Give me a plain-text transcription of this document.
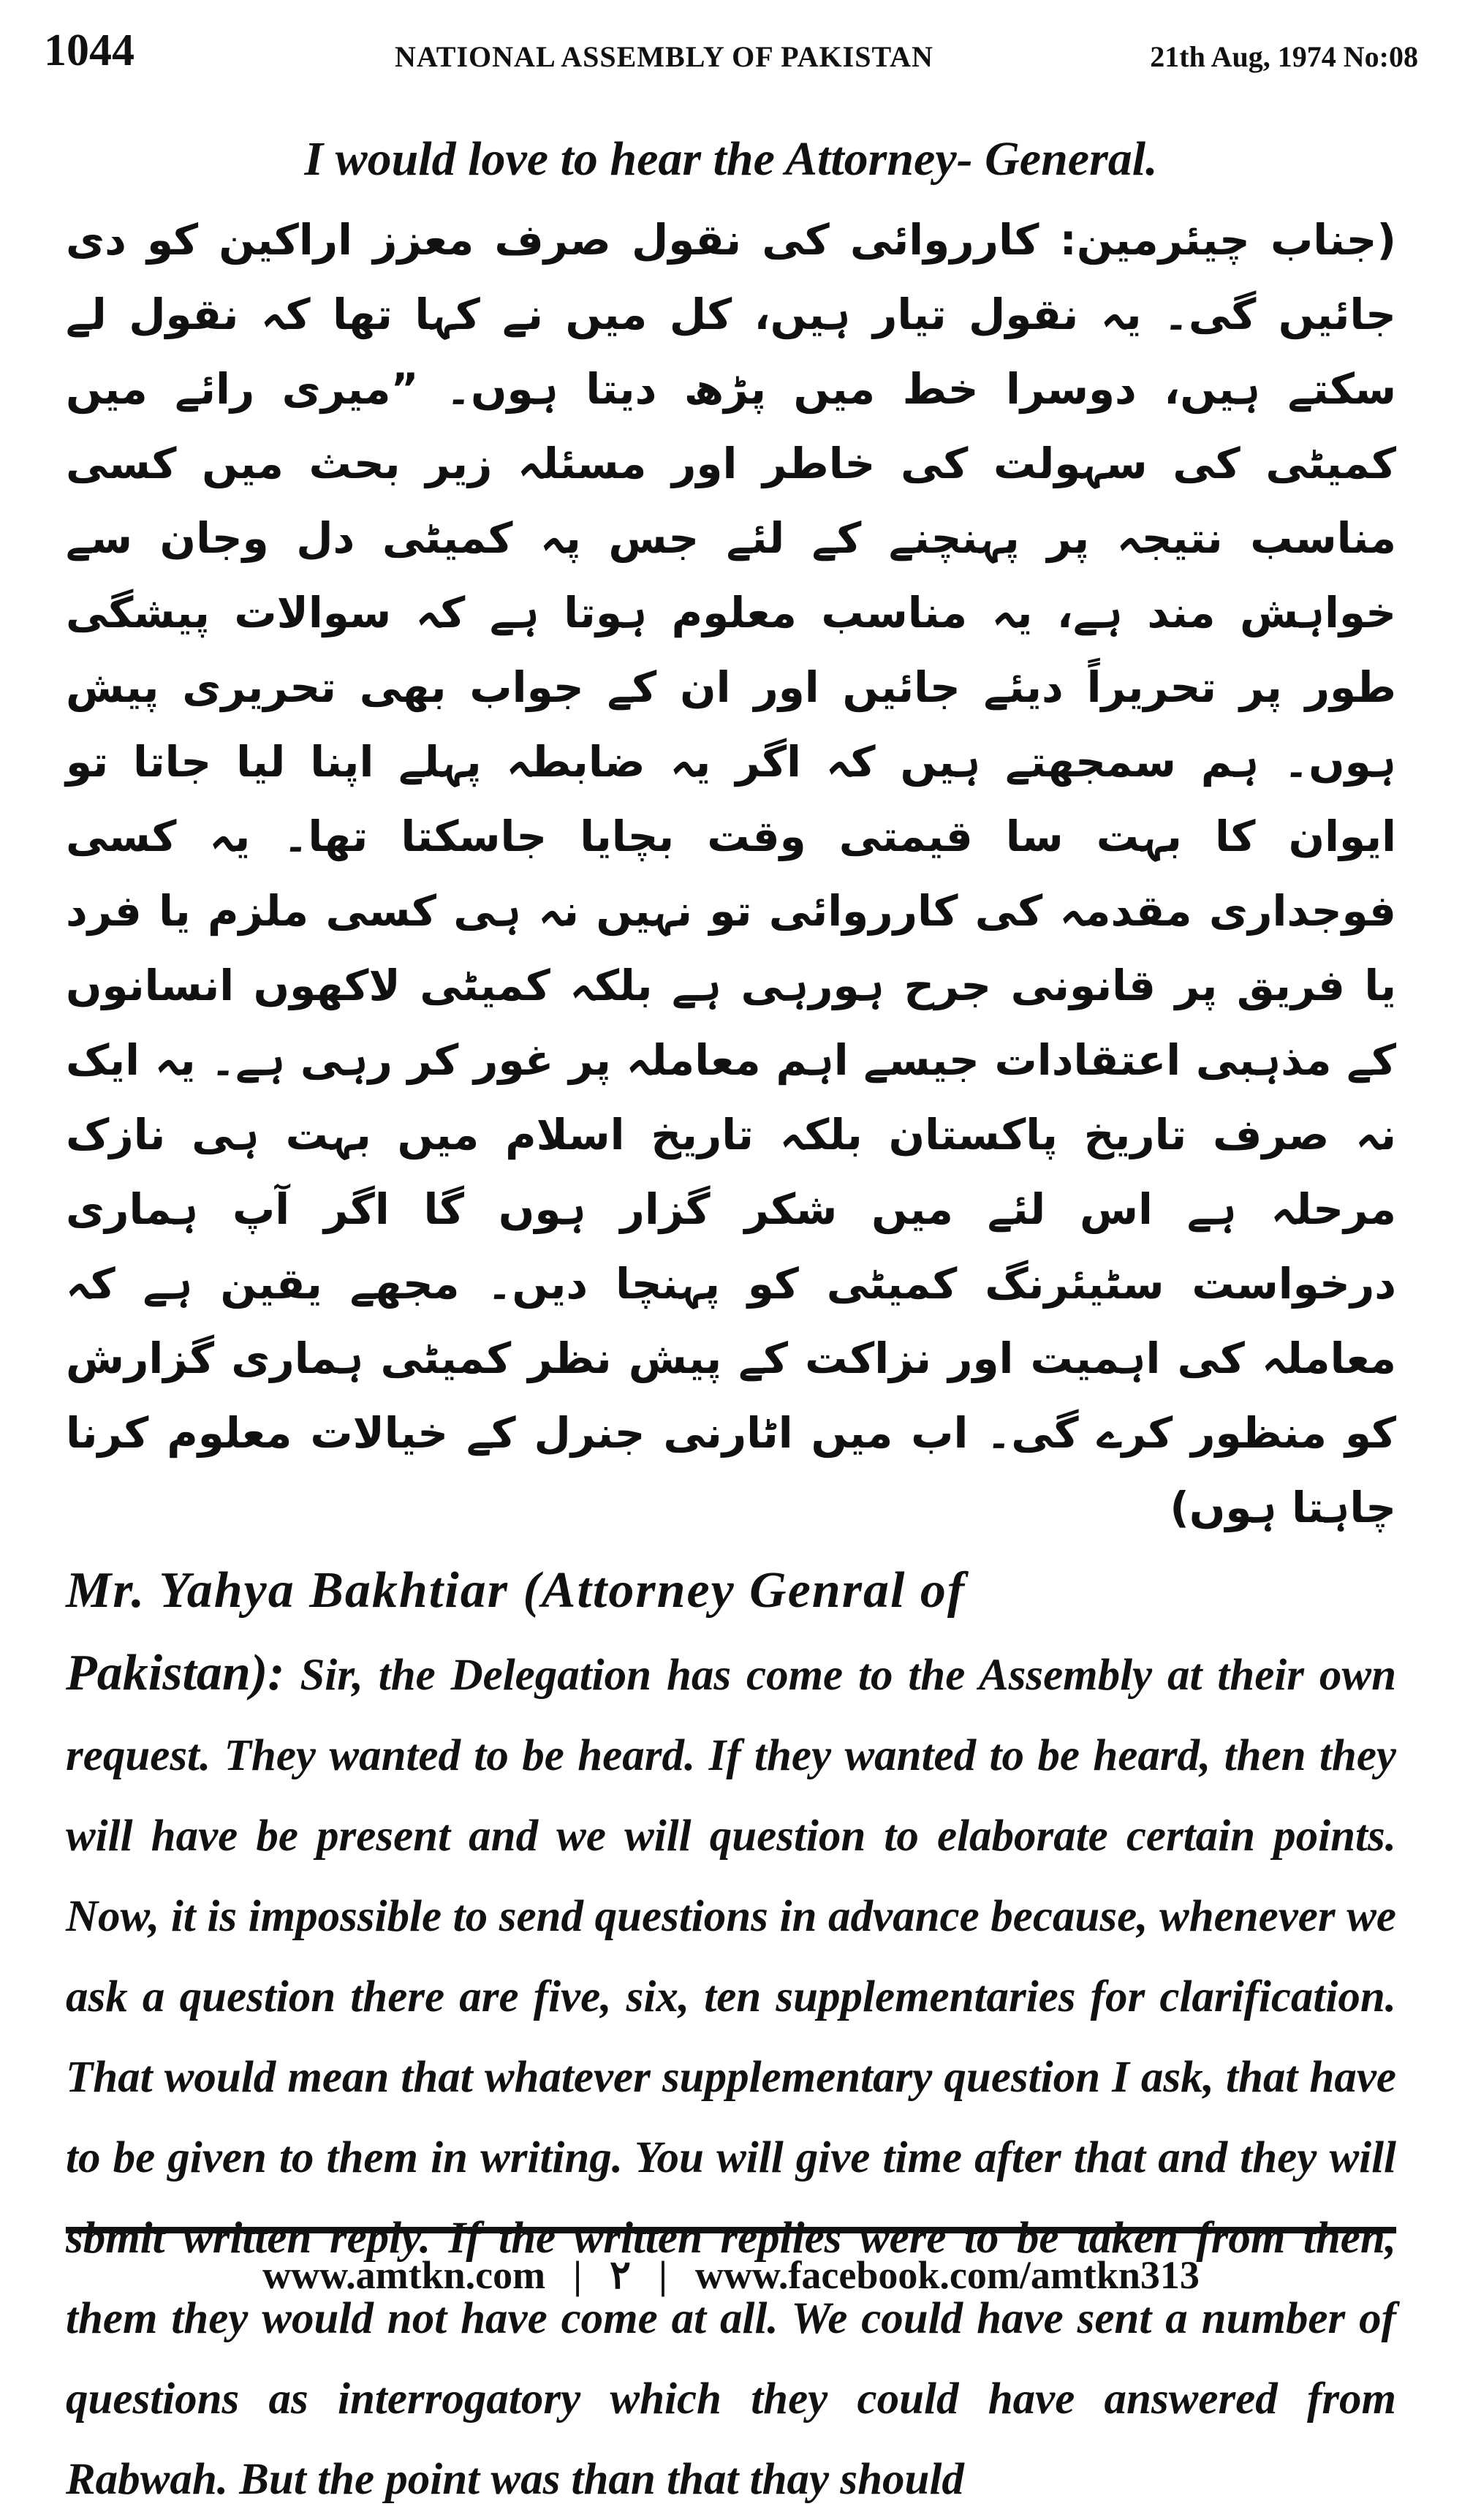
1044	NATIONAL ASSEMBLY OF PAKISTAN	21th Aug, 1974 No:08
I would love to hear the Attorney- General.

(جناب چیئرمین: کارروائی کی نقول صرف معزز اراکین کو دی جائیں گی۔ یہ نقول تیار ہیں، کل میں نے کہا تھا کہ نقول لے سکتے ہیں، دوسرا خط میں پڑھ دیتا ہوں۔ ”میری رائے میں کمیٹی کی سہولت کی خاطر اور مسئلہ زیر بحث میں کسی مناسب نتیجہ پر پہنچنے کے لئے جس پہ کمیٹی دل وجان سے خواہش مند ہے، یہ مناسب معلوم ہوتا ہے کہ سوالات پیشگی طور پر تحریراً دیئے جائیں اور ان کے جواب بھی تحریری پیش ہوں۔ ہم سمجھتے ہیں کہ اگر یہ ضابطہ پہلے اپنا لیا جاتا تو ایوان کا بہت سا قیمتی وقت بچایا جاسکتا تھا۔ یہ کسی فوجداری مقدمہ کی کارروائی تو نہیں نہ ہی کسی ملزم یا فرد یا فریق پر قانونی جرح ہورہی ہے بلکہ کمیٹی لاکھوں انسانوں کے مذہبی اعتقادات جیسے اہم معاملہ پر غور کر رہی ہے۔ یہ ایک نہ صرف تاریخ پاکستان بلکہ تاریخ اسلام میں بہت ہی نازک مرحلہ ہے اس لئے میں شکر گزار ہوں گا اگر آپ ہماری درخواست سٹیئرنگ کمیٹی کو پہنچا دیں۔ مجھے یقین ہے کہ معاملہ کی اہمیت اور نزاکت کے پیش نظر کمیٹی ہماری گزارش کو منظور کرے گی۔ اب میں اٹارنی جنرل کے خیالات معلوم کرنا چاہتا ہوں)

Mr. Yahya Bakhtiar (Attorney Genral of
Pakistan): Sir, the Delegation has come to the Assembly at their own request. They wanted to be heard. If they wanted to be heard, then they will have be present and we will question to elaborate certain points. Now, it is impossible to send questions in advance because, whenever we ask a question there are five, six, ten supplementaries for clarification. That would mean that whatever supplementary question I ask, that have to be given to them in writing. You will give time after that and they will sbmit written reply. If the written replies were to be taken from then, them they would not have come at all. We could have sent a number of questions as interrogatory which they could have answered from Rabwah. But the point was than that thay should
www.amtkn.com | ۲ | www.facebook.com/amtkn313
